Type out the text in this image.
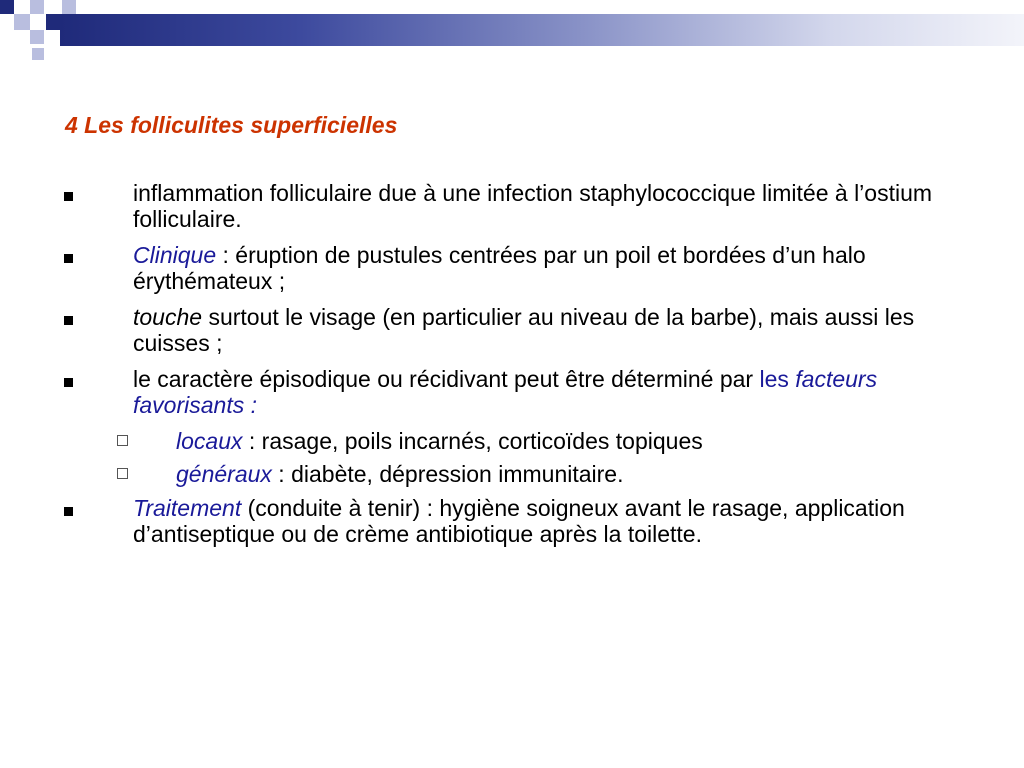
4 Les folliculites superficielles
inflammation folliculaire due à une infection staphylococcique limitée à l’ostium folliculaire.
Clinique : éruption de pustules centrées par un poil et bordées d’un halo érythémateux ;
touche surtout le visage (en particulier au niveau de la barbe), mais aussi les cuisses ;
le caractère épisodique ou récidivant peut être déterminé par les facteurs favorisants :
locaux : rasage, poils incarnés, corticoïdes topiques
généraux : diabète, dépression immunitaire.
Traitement (conduite à tenir) : hygiène soigneux avant le rasage, application d’antiseptique ou de crème antibiotique après la toilette.
